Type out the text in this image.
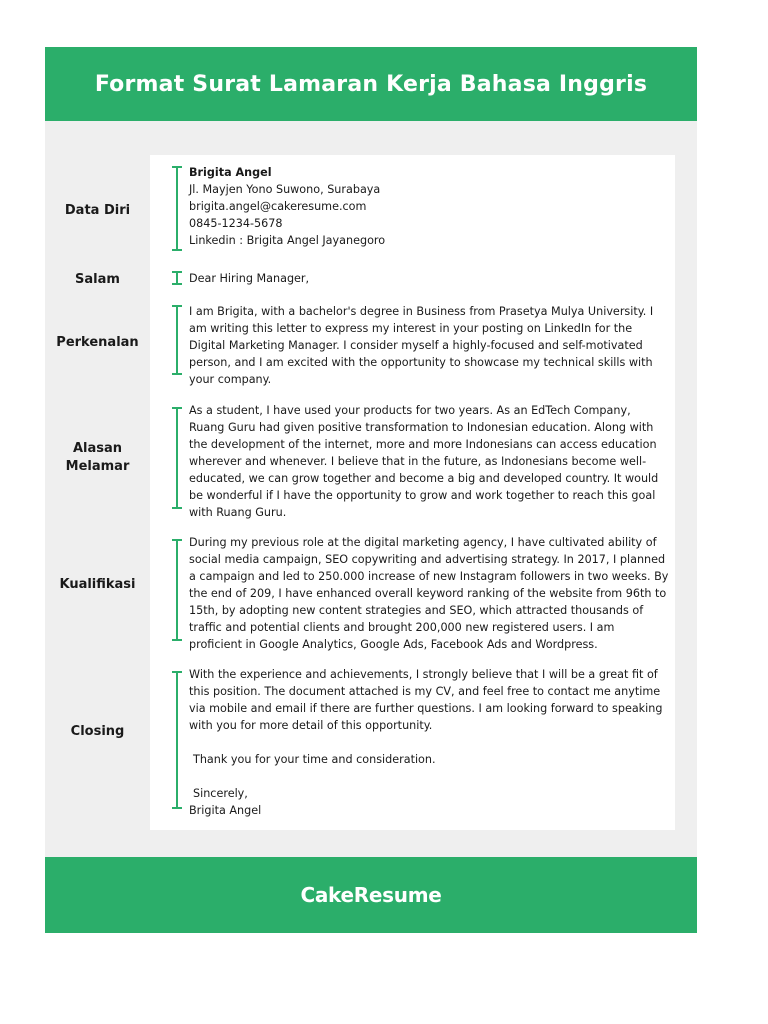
Format Surat Lamaran Kerja Bahasa Inggris
Data Diri
Salam
Perkenalan
Alasan
Melamar
Kualifikasi
Closing

Brigita Angel

Jl. Mayjen Yono Suwono, Surabaya

brigita.angel@cakeresume.com

0845-1234-5678

Linkedin : Brigita Angel Jayanegoro

Dear Hiring Manager,

I am Brigita, with a bachelor's degree in Business from Prasetya Mulya University. I am writing this letter to express my interest in your posting on LinkedIn for the Digital Marketing Manager. I consider myself a highly-focused and self-motivated person, and I am excited with the opportunity to showcase my technical skills with your company.

As a student, I have used your products for two years. As an EdTech Company, Ruang Guru had given positive transformation to Indonesian education. Along with the development of the internet, more and more Indonesians can access education wherever and whenever. I believe that in the future, as Indonesians become well-educated, we can grow together and become a big and developed country. It would be wonderful if I have the opportunity to grow and work together to reach this goal with Ruang Guru.

During my previous role at the digital marketing agency, I have cultivated ability of social media campaign, SEO copywriting and advertising strategy. In 2017, I planned a campaign and led to 250.000 increase of new Instagram followers in two weeks. By the end of 209, I have enhanced overall keyword ranking of the website from 96th to 15th, by adopting new content strategies and SEO, which attracted thousands of traffic and potential clients and brought 200,000 new registered users. I am proficient in Google Analytics, Google Ads, Facebook Ads and Wordpress.

With the experience and achievements, I strongly believe that I will be a great fit of this position. The document attached is my CV, and feel free to contact me anytime via mobile and email if there are further questions. I am looking forward to speaking with you for more detail of this opportunity.

Thank you for your time and consideration.

Sincerely,

Brigita Angel

CakeResume
